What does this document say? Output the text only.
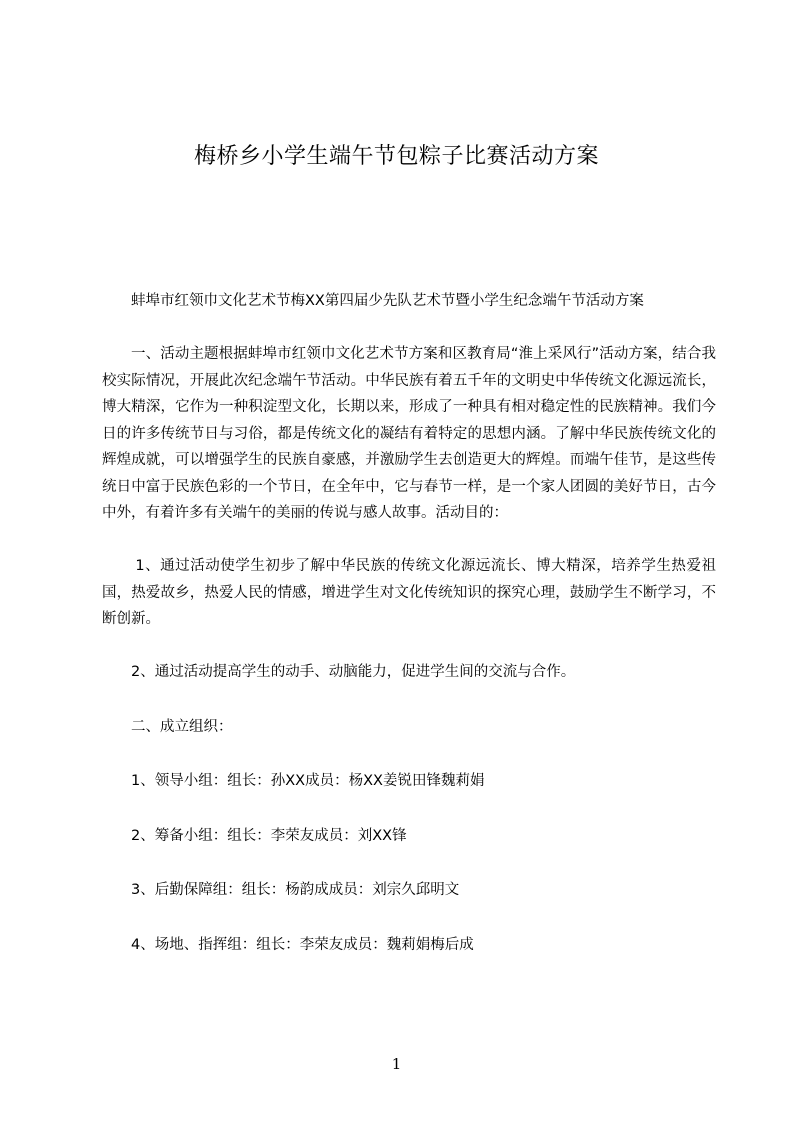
梅桥乡小学生端午节包粽子比赛活动方案

蚌埠市红领巾文化艺术节梅XX第四届少先队艺术节暨小学生纪念端午节活动方案

一、活动主题根据蚌埠市红领巾文化艺术节方案和区教育局“淮上采风行”活动方案，结合我校实际情况，开展此次纪念端午节活动。中华民族有着五千年的文明史中华传统文化源远流长，博大精深，它作为一种积淀型文化，长期以来，形成了一种具有相对稳定性的民族精神。我们今日的许多传统节日与习俗，都是传统文化的凝结有着特定的思想内涵。了解中华民族传统文化的辉煌成就，可以增强学生的民族自豪感，并激励学生去创造更大的辉煌。而端午佳节，是这些传统日中富于民族色彩的一个节日，在全年中，它与春节一样，是一个家人团圆的美好节日，古今中外，有着许多有关端午的美丽的传说与感人故事。活动目的：

1、通过活动使学生初步了解中华民族的传统文化源远流长、博大精深，培养学生热爱祖国，热爱故乡，热爱人民的情感，增进学生对文化传统知识的探究心理，鼓励学生不断学习，不断创新。

2、通过活动提高学生的动手、动脑能力，促进学生间的交流与合作。

二、成立组织：

1、领导小组：组长：孙XX成员：杨XX姜锐田锋魏莉娟

2、筹备小组：组长：李荣友成员：刘XX锋

3、后勤保障组：组长：杨韵成成员：刘宗久邱明文

4、场地、指挥组：组长：李荣友成员：魏莉娟梅后成

1
